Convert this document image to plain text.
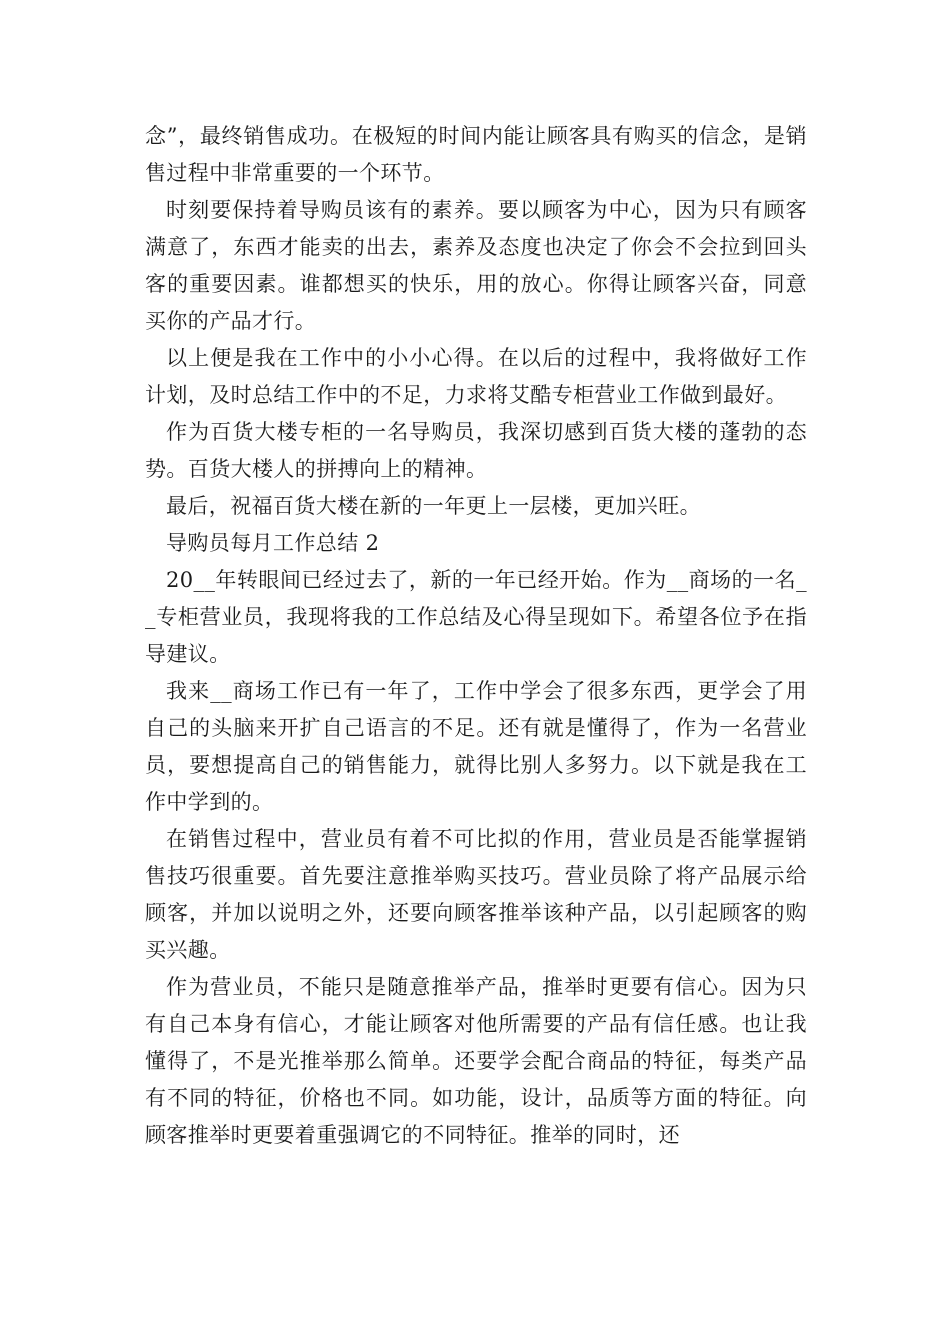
念”，最终销售成功。在极短的时间内能让顾客具有购买的信念，是销售过程中非常重要的一个环节。

时刻要保持着导购员该有的素养。要以顾客为中心，因为只有顾客满意了，东西才能卖的出去，素养及态度也决定了你会不会拉到回头客的重要因素。谁都想买的快乐，用的放心。你得让顾客兴奋，同意买你的产品才行。

以上便是我在工作中的小小心得。在以后的过程中，我将做好工作计划，及时总结工作中的不足，力求将艾酷专柜营业工作做到最好。

作为百货大楼专柜的一名导购员，我深切感到百货大楼的蓬勃的态势。百货大楼人的拼搏向上的精神。

最后，祝福百货大楼在新的一年更上一层楼，更加兴旺。

导购员每月工作总结 2

20__年转眼间已经过去了，新的一年已经开始。作为__商场的一名__专柜营业员，我现将我的工作总结及心得呈现如下。希望各位予在指导建议。

我来__商场工作已有一年了，工作中学会了很多东西，更学会了用自己的头脑来开扩自己语言的不足。还有就是懂得了，作为一名营业员，要想提高自己的销售能力，就得比别人多努力。以下就是我在工作中学到的。

在销售过程中，营业员有着不可比拟的作用，营业员是否能掌握销售技巧很重要。首先要注意推举购买技巧。营业员除了将产品展示给顾客，并加以说明之外，还要向顾客推举该种产品，以引起顾客的购买兴趣。

作为营业员，不能只是随意推举产品，推举时更要有信心。因为只有自己本身有信心，才能让顾客对他所需要的产品有信任感。也让我懂得了，不是光推举那么简单。还要学会配合商品的特征，每类产品有不同的特征，价格也不同。如功能，设计，品质等方面的特征。向顾客推举时更要着重强调它的不同特征。推举的同时，还
